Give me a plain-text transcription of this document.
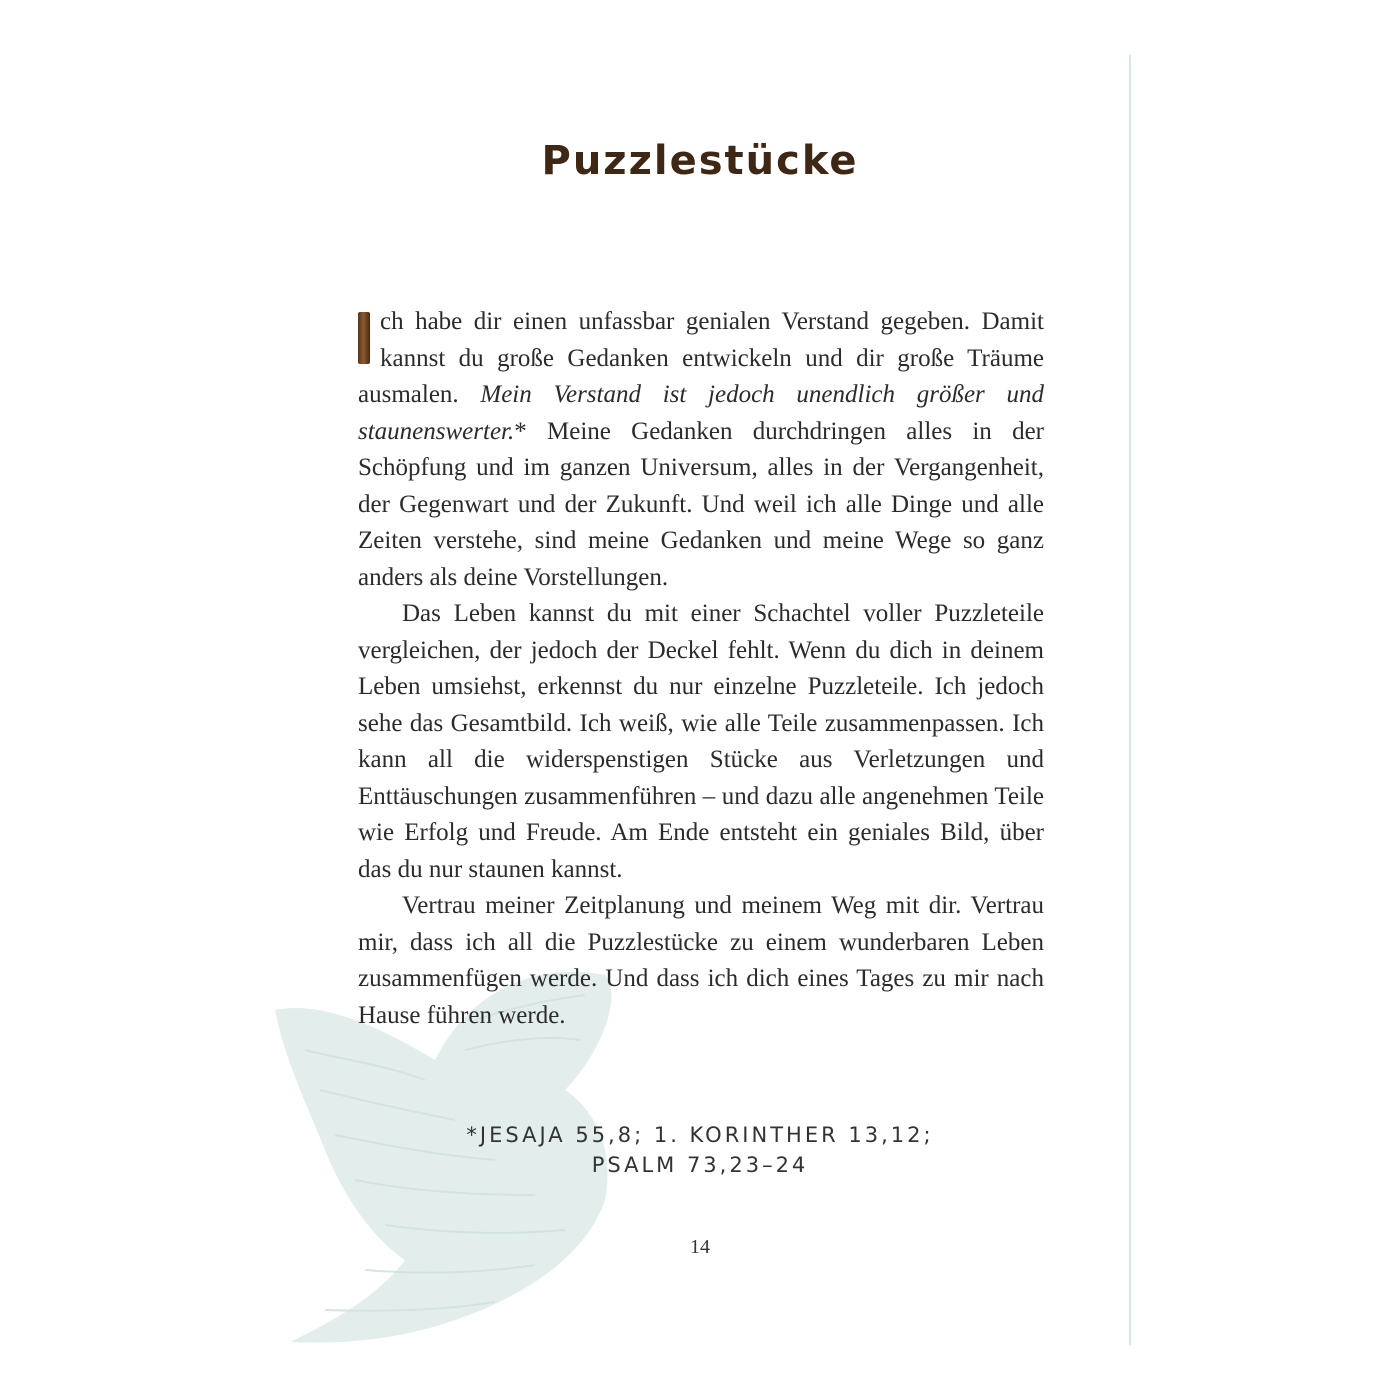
Puzzlestücke

ch habe dir einen unfassbar genialen Verstand gegeben. Damit kannst du große Gedanken entwickeln und dir große Träume ausmalen. Mein Verstand ist jedoch unendlich größer und staunenswerter.* Meine Gedanken durchdringen alles in der Schöpfung und im ganzen Universum, alles in der Vergangenheit, der Gegenwart und der Zukunft. Und weil ich alle Dinge und alle Zeiten verstehe, sind meine Gedanken und meine Wege so ganz anders als deine Vorstellungen.

Das Leben kannst du mit einer Schachtel voller Puzzleteile vergleichen, der jedoch der Deckel fehlt. Wenn du dich in deinem Leben umsiehst, erkennst du nur einzelne Puzzleteile. Ich jedoch sehe das Gesamtbild. Ich weiß, wie alle Teile zusammenpassen. Ich kann all die widerspenstigen Stücke aus Verletzungen und Enttäuschungen zusammenführen – und dazu alle angenehmen Teile wie Erfolg und Freude. Am Ende entsteht ein geniales Bild, über das du nur staunen kannst.

Vertrau meiner Zeitplanung und meinem Weg mit dir. Vertrau mir, dass ich all die Puzzlestücke zu einem wunderbaren Leben zusammenfügen werde. Und dass ich dich eines Tages zu mir nach Hause führen werde.

*JESAJA 55,8; 1. KORINTHER 13,12;
PSALM 73,23–24
14
